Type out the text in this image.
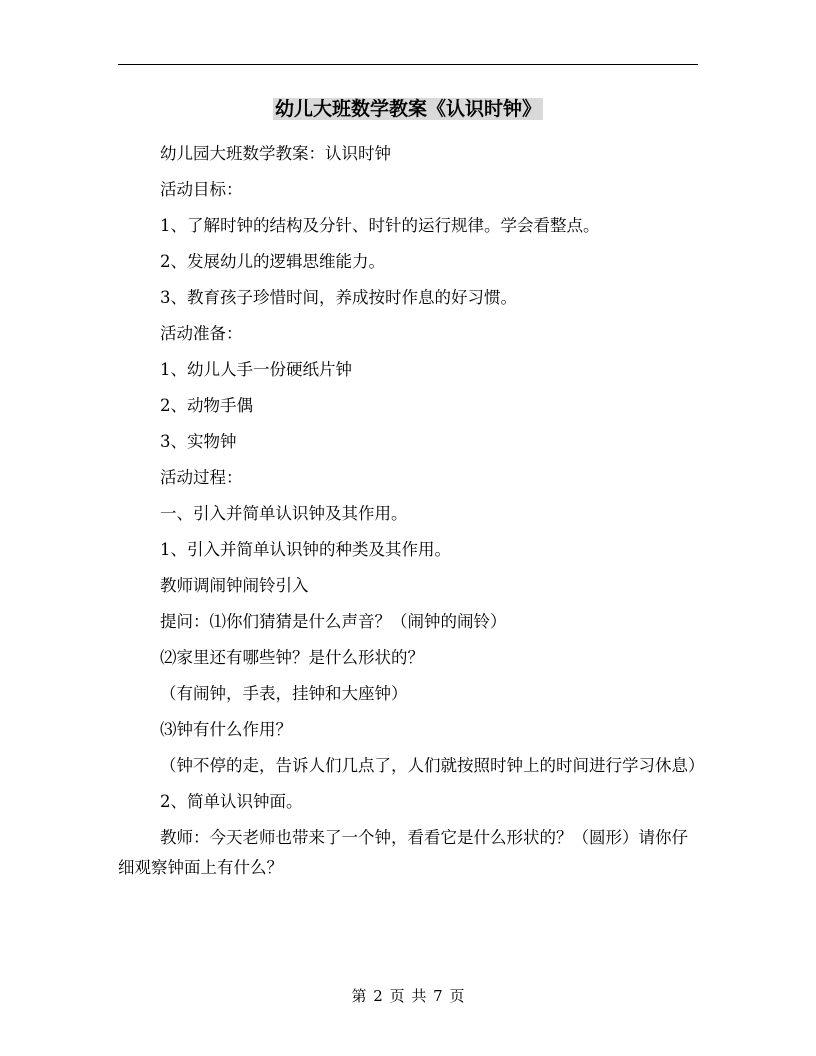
幼儿大班数学教案《认识时钟》
幼儿园大班数学教案：认识时钟
活动目标：
1、了解时钟的结构及分针、时针的运行规律。学会看整点。
2、发展幼儿的逻辑思维能力。
3、教育孩子珍惜时间，养成按时作息的好习惯。
活动准备：
1、幼儿人手一份硬纸片钟
2、动物手偶
3、实物钟
活动过程：
一、引入并简单认识钟及其作用。
1、引入并简单认识钟的种类及其作用。
教师调闹钟闹铃引入
提问：⑴你们猜猜是什么声音？（闹钟的闹铃）
⑵家里还有哪些钟？是什么形状的？
（有闹钟，手表，挂钟和大座钟）
⑶钟有什么作用？
（钟不停的走，告诉人们几点了，人们就按照时钟上的时间进行学习休息）
2、简单认识钟面。
教师：今天老师也带来了一个钟，看看它是什么形状的？（圆形）请你仔细观察钟面上有什么？
第 2 页 共 7 页
